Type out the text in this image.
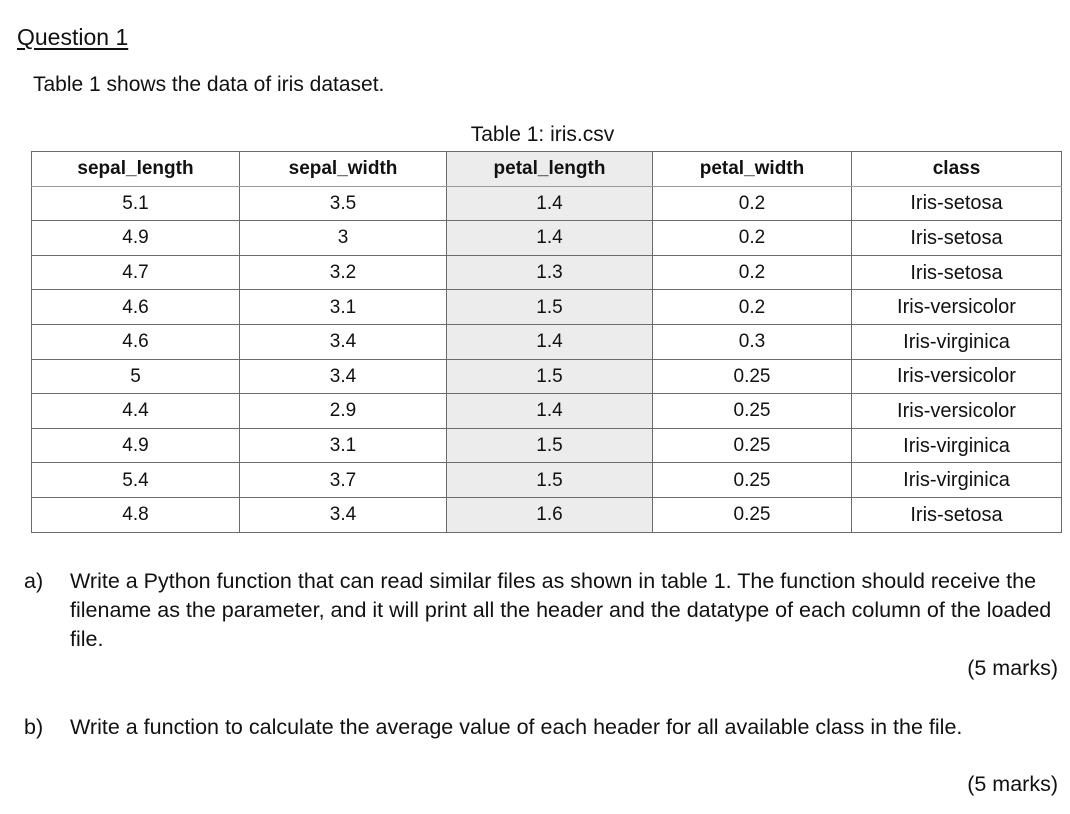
Question 1
Table 1 shows the data of iris dataset.
Table 1: iris.csv
sepal_length	sepal_width	petal_length	petal_width	class
5.1	3.5	1.4	0.2	Iris-setosa
4.9	3	1.4	0.2	Iris-setosa
4.7	3.2	1.3	0.2	Iris-setosa
4.6	3.1	1.5	0.2	Iris-versicolor
4.6	3.4	1.4	0.3	Iris-virginica
5	3.4	1.5	0.25	Iris-versicolor
4.4	2.9	1.4	0.25	Iris-versicolor
4.9	3.1	1.5	0.25	Iris-virginica
5.4	3.7	1.5	0.25	Iris-virginica
4.8	3.4	1.6	0.25	Iris-setosa
a) Write a Python function that can read similar files as shown in table 1. The function should receive the filename as the parameter, and it will print all the header and the datatype of each column of the loaded file.
(5 marks)
b) Write a function to calculate the average value of each header for all available class in the file.
(5 marks)
